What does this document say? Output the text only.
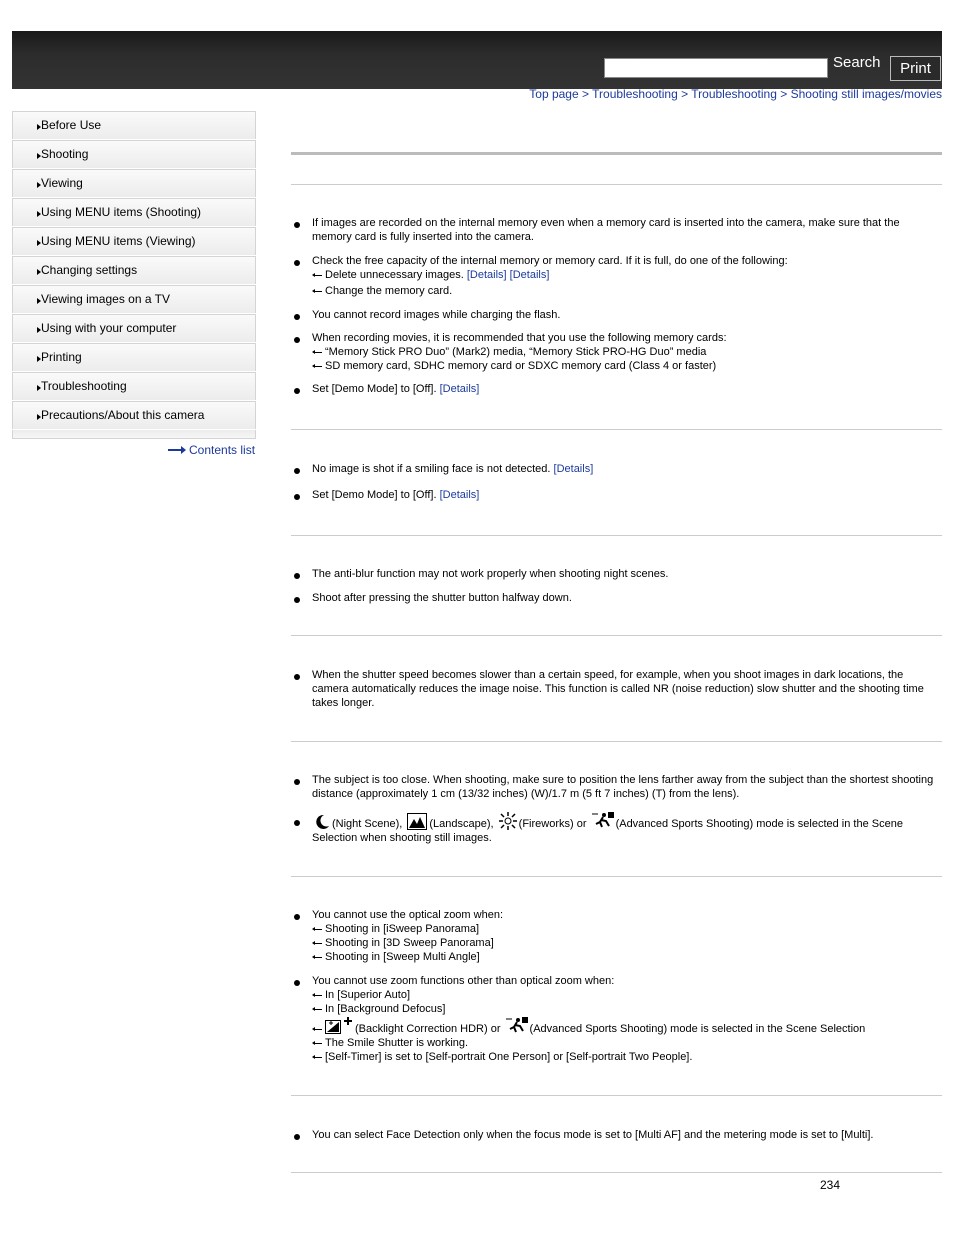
Search	Print
Top page > Troubleshooting > Troubleshooting > Shooting still images/movies
Before Use
Shooting
Viewing
Using MENU items (Shooting)
Using MENU items (Viewing)
Changing settings
Viewing images on a TV
Using with your computer
Printing
Troubleshooting
Precautions/About this camera
Contents list
If images are recorded on the internal memory even when a memory card is inserted into the camera, make sure that the memory card is fully inserted into the camera.
Check the free capacity of the internal memory or memory card. If it is full, do one of the following:
Delete unnecessary images. [Details] [Details]
Change the memory card.
You cannot record images while charging the flash.
When recording movies, it is recommended that you use the following memory cards:
“Memory Stick PRO Duo” (Mark2) media, “Memory Stick PRO-HG Duo” media
SD memory card, SDHC memory card or SDXC memory card (Class 4 or faster)
Set [Demo Mode] to [Off]. [Details]
No image is shot if a smiling face is not detected. [Details]
Set [Demo Mode] to [Off]. [Details]
The anti-blur function may not work properly when shooting night scenes.
Shoot after pressing the shutter button halfway down.
When the shutter speed becomes slower than a certain speed, for example, when you shoot images in dark locations, the camera automatically reduces the image noise. This function is called NR (noise reduction) slow shutter and the shooting time takes longer.
The subject is too close. When shooting, make sure to position the lens farther away from the subject than the shortest shooting distance (approximately 1 cm (13/32 inches) (W)/1.7 m (5 ft 7 inches) (T) from the lens).
(Night Scene), (Landscape), (Fireworks) or	(Advanced Sports Shooting) mode is selected in the Scene Selection when shooting still images.
You cannot use the optical zoom when:
Shooting in [iSweep Panorama]
Shooting in [3D Sweep Panorama]
Shooting in [Sweep Multi Angle]
You cannot use zoom functions other than optical zoom when:
In [Superior Auto]
In [Background Defocus]
(Backlight Correction HDR) or	(Advanced Sports Shooting) mode is selected in the Scene Selection
The Smile Shutter is working.
[Self-Timer] is set to [Self-portrait One Person] or [Self-portrait Two People].
You can select Face Detection only when the focus mode is set to [Multi AF] and the metering mode is set to [Multi].
234
